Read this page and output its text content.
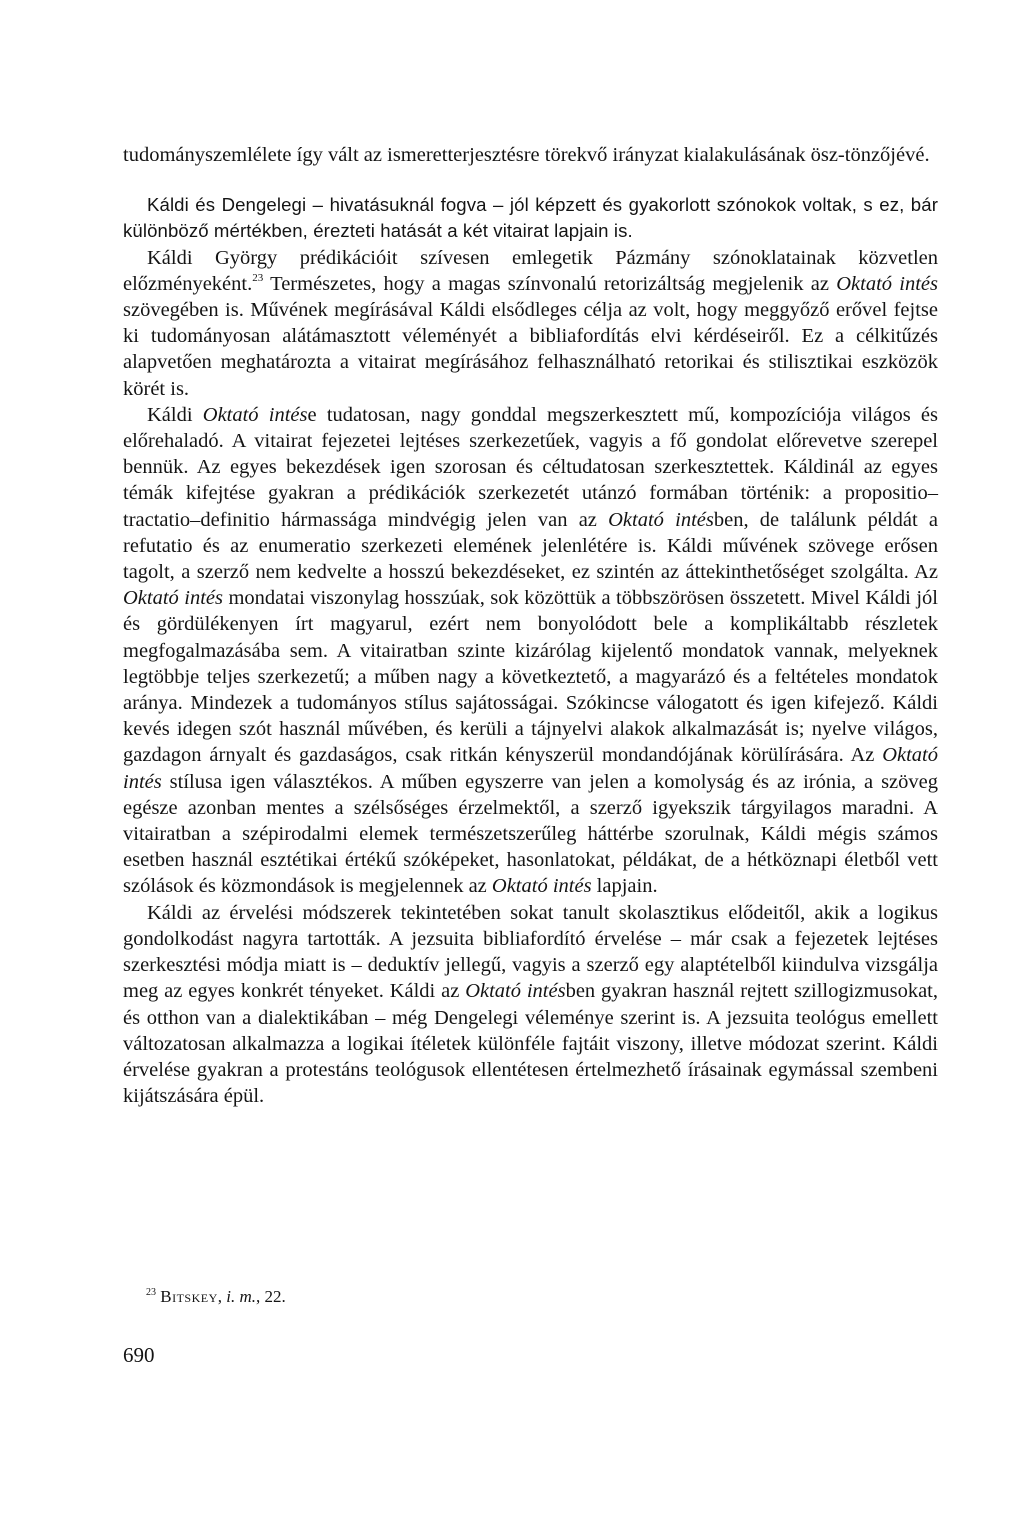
tudományszemlélete így vált az ismeretterjesztésre törekvő irányzat kialakulásának ösz-tönzőjévé.

Káldi és Dengelegi – hivatásuknál fogva – jól képzett és gyakorlott szónokok voltak, s ez, bár különböző mértékben, érezteti hatását a két vitairat lapjain is.

Káldi György prédikációit szívesen emlegetik Pázmány szónoklatainak közvetlen előzményeként.$^{23}$ Természetes, hogy a magas színvonalú retorizáltság megjelenik az Oktató intés szövegében is. Művének megírásával Káldi elsődleges célja az volt, hogy meggyőző erővel fejtse ki tudományosan alátámasztott véleményét a bibliafordítás elvi kérdéseiről. Ez a célkitűzés alapvetően meghatározta a vitairat megírásához felhasználható retorikai és stilisztikai eszközök körét is.

Káldi Oktató intése tudatosan, nagy gonddal megszerkesztett mű, kompozíciója világos és előrehaladó. A vitairat fejezetei lejtéses szerkezetűek, vagyis a fő gondolat előrevetve szerepel bennük. Az egyes bekezdések igen szorosan és céltudatosan szerkesztettek. Káldinál az egyes témák kifejtése gyakran a prédikációk szerkezetét utánzó formában történik: a propositio–tractatio–definitio hármassága mindvégig jelen van az Oktató intésben, de találunk példát a refutatio és az enumeratio szerkezeti elemének jelenlétére is. Káldi művének szövege erősen tagolt, a szerző nem kedvelte a hosszú bekezdéseket, ez szintén az áttekinthetőséget szolgálta. Az Oktató intés mondatai viszonylag hosszúak, sok közöttük a többszörösen összetett. Mivel Káldi jól és gördülékenyen írt magyarul, ezért nem bonyolódott bele a komplikáltabb részletek megfogalmazásába sem. A vitairatban szinte kizárólag kijelentő mondatok vannak, melyeknek legtöbbje teljes szerkezetű; a műben nagy a következtető, a magyarázó és a feltételes mondatok aránya. Mindezek a tudományos stílus sajátosságai. Szókincse válogatott és igen kifejező. Káldi kevés idegen szót használ művében, és kerüli a tájnyelvi alakok alkalmazását is; nyelve világos, gazdagon árnyalt és gazdaságos, csak ritkán kényszerül mondandójának körülírására. Az Oktató intés stílusa igen választékos. A műben egyszerre van jelen a komolyság és az irónia, a szöveg egésze azonban mentes a szélsőséges érzelmektől, a szerző igyekszik tárgyilagos maradni. A vitairatban a szépirodalmi elemek természetszerűleg háttérbe szorulnak, Káldi mégis számos esetben használ esztétikai értékű szóképeket, hasonlatokat, példákat, de a hétköznapi életből vett szólások és közmondások is megjelennek az Oktató intés lapjain.

Káldi az érvelési módszerek tekintetében sokat tanult skolasztikus elődeitől, akik a logikus gondolkodást nagyra tartották. A jezsuita bibliafordító érvelése – már csak a fejezetek lejtéses szerkesztési módja miatt is – deduktív jellegű, vagyis a szerző egy alaptételből kiindulva vizsgálja meg az egyes konkrét tényeket. Káldi az Oktató intésben gyakran használ rejtett szillogizmusokat, és otthon van a dialektikában – még Dengelegi véleménye szerint is. A jezsuita teológus emellett változatosan alkalmazza a logikai ítéletek különféle fajtáit viszony, illetve módozat szerint. Káldi érvelése gyakran a protestáns teológusok ellentétesen értelmezhető írásainak egymással szembeni kijátszására épül.

$^{23}$ Bitskey, i. m., 22.
690
